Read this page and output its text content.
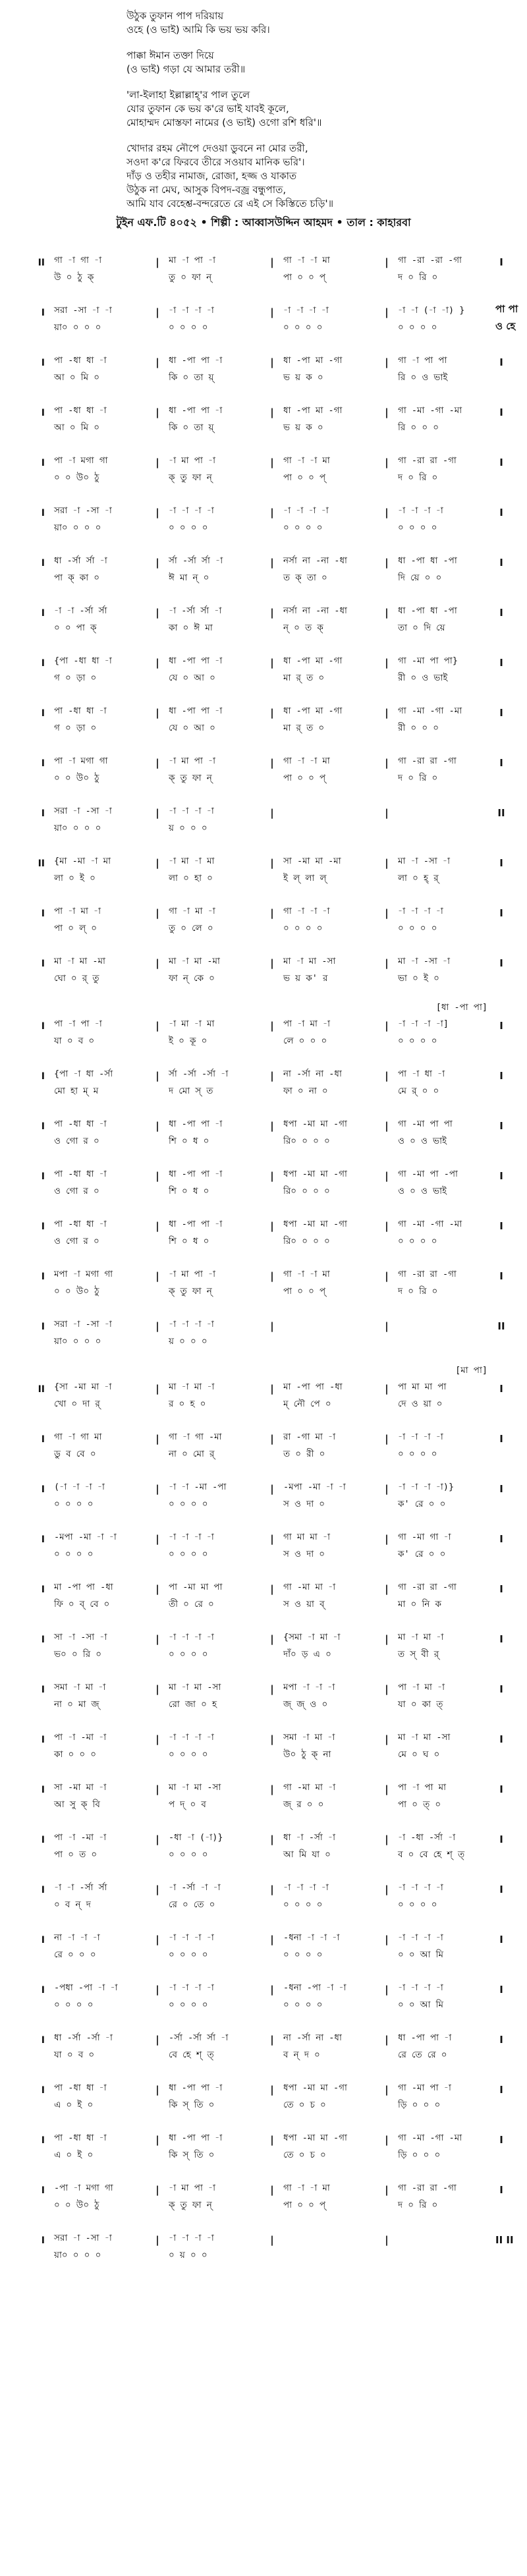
উঠুক তুফান পাপ দরিয়ায়
ওহে (ও ভাই) আমি কি ভয় ভয় করি।
পাক্কা ঈমান তক্তা দিয়ে
(ও ভাই) গড়া যে আমার তরী॥
'লা-ইলাহা ইল্লাল্লাহ্'র পাল তুলে
যোর তুফান কে ভয় ক'রে ভাই যাবই কূলে,
মোহাম্মদ মোস্তফা নামের (ও ভাই) ওগো রশি ধরি'॥
খোদার রহম নৌপে দেওয়া ডুবনে না মোর তরী,
সওদা ক'রে ফিরবে তীরে সওয়াব মানিক ভরি'।
দাঁড় ও তহীর নামাজ, রোজা, হজ্জ ও যাকাত
উঠুক না মেঘ, আসুক বিপদ-বজ্র বন্ধুপাত,
আমি যাব বেহেশ্ত-বন্দরেতে রে এই সে কিস্তিতে চড়ি'॥
টুইন এফ.টি ৪০৫২ • শিল্পী : আব্বাসউদ্দিন আহমদ • তাল : কাহারবা
II	গা -া গা -া	|	মা -া পা -া	|	গা -া -া মা	|	গা -রা -রা -গা	I
উ ০ ঠু ক্	তু ০ ফা ন্	পা ০ ০ প্	দ ০ রি ০
I	সরা -সা -া -া	|	-া -া -া -া	|	-া -া -া -া	|	-া -া (-া -া) }	পা পা
য়া০ ০ ০ ০	০ ০ ০ ০	০ ০ ০ ০	০ ০ ০ ০	ও হে
I	পা -ধা ধা -া	|	ধা -পা পা -া	|	ধা -পা মা -গা	|	গা -া পা পা	I
আ ০ মি ০	কি ০ তা য়্	ভ য় ক ০	রি ০ ও ভাই
I	পা -ধা ধা -া	|	ধা -পা পা -া	|	ধা -পা মা -গা	|	গা -মা -গা -মা	I
আ ০ মি ০	কি ০ তা য়্	ভ য় ক ০	রি ০ ০ ০
I	পা -া মগা গা	|	-া মা পা -া	|	গা -া -া মা	|	গা -রা রা -গা	I
০ ০ উ০ ঠু	ক্ তু ফা ন্	পা ০ ০ প্	দ ০ রি ০
I	সরা -া -সা -া	|	-া -া -া -া	|	-া -া -া -া	|	-া -া -া -া	I
য়া০ ০ ০ ০	০ ০ ০ ০	০ ০ ০ ০	০ ০ ০ ০
I	ধা -র্সা র্সা -া	|	র্সা -র্সা র্সা -া	|	নর্সা না -না -ধা	|	ধা -পা ধা -পা	I
পা ক্ কা ০	ঈ মা ন্ ০	ত ক্ তা ০	দি য়ে ০ ০
I	-া -া -র্সা র্সা	|	-া -র্সা র্সা -া	|	নর্সা না -না -ধা	|	ধা -পা ধা -পা	I
০ ০ পা ক্	কা ০ ঈ মা	ন্ ০ ত ক্	তা ০ দি য়ে
I	{পা -ধা ধা -া	|	ধা -পা পা -া	|	ধা -পা মা -গা	|	গা -মা পা পা}	I
গ ০ ড়া ০	যে ০ আ ০	মা র্ ত ০	রী ০ ও ভাই
I	পা -ধা ধা -া	|	ধা -পা পা -া	|	ধা -পা মা -গা	|	গা -মা -গা -মা	I
গ ০ ড়া ০	যে ০ আ ০	মা র্ ত ০	রী ০ ০ ০
I	পা -া মগা গা	|	-া মা পা -া	|	গা -া -া মা	|	গা -রা রা -গা	I
০ ০ উ০ ঠু	ক্ তু ফা ন্	পা ০ ০ প্	দ ০ রি ০
I	সরা -া -সা -া	|	-া -া -া -া	|	|	II
য়া০ ০ ০ ০	য় ০ ০ ০
II	{মা -মা -া মা	|	-া মা -া মা	|	সা -মা মা -মা	|	মা -া -সা -া	I
লা ০ ই ০	লা ০ হা ০	ই ল্ লা ল্	লা ০ হ্ র্
I	পা -া মা -া	|	গা -া মা -া	|	গা -া -া -া	|	-া -া -া -া	I
পা ০ ল্ ০	তু ০ লে ০	০ ০ ০ ০	০ ০ ০ ০
I	মা -া মা -মা	|	মা -া মা -মা	|	মা -া মা -সা	|	মা -া -সা -া	I
ঘো ০ র্ তু	ফা ন্ কে ০	ভ য় ক' র	ভা ০ ই ০
[ধা -পা পা]
I	পা -া পা -া	|	-া মা -া মা	|	পা -া মা -া	|	-া -া -া -া]	I
যা ০ ব ০	ই ০ কূ ০	লে ০ ০ ০	০ ০ ০ ০
I	{পা -া ধা -র্সা	|	র্সা -র্সা -র্সা -া	|	না -র্সা না -ধা	|	পা -া ধা -া	I
মো হা ম্ ম	দ মো স্ ত	ফা ০ না ০	মে র্ ০ ০
I	পা -ধা ধা -া	|	ধা -পা পা -া	|	ধপা -মা মা -গা	|	গা -মা পা পা	I
ও গো র ০	শি ০ ধ ০	রি০ ০ ০ ০	ও ০ ও ভাই
I	পা -ধা ধা -া	|	ধা -পা পা -া	|	ধপা -মা মা -গা	|	গা -মা পা -পা	I
ও গো র ০	শি ০ ধ ০	রি০ ০ ০ ০	ও ০ ও ভাই
I	পা -ধা ধা -া	|	ধা -পা পা -া	|	ধপা -মা মা -গা	|	গা -মা -গা -মা	I
ও গো র ০	শি ০ ধ ০	রি০ ০ ০ ০	০ ০ ০ ০
I	মপা -া মগা গা	|	-া মা পা -া	|	গা -া -া মা	|	গা -রা রা -গা	I
০ ০ উ০ ঠু	ক্ তু ফা ন্	পা ০ ০ প্	দ ০ রি ০
I	সরা -া -সা -া	|	-া -া -া -া	|	|	II
য়া০ ০ ০ ০	য় ০ ০ ০
[মা পা]
II	{সা -মা মা -া	|	মা -া মা -া	|	মা -পা পা -ধা	|	পা মা মা পা	I
খো ০ দা র্	র ০ হ ০	ম্ নৌ পে ০	দে ও য়া ০
I	গা -া গা মা	|	গা -া গা -মা	|	রা -গা মা -া	|	-া -া -া -া	I
ডু ব বে ০	না ০ মো র্	ত ০ রী ০	০ ০ ০ ০
I	(-া -া -া -া	|	-া -া -মা -পা	|	-মপা -মা -া -া	|	-া -া -া -া)}	I
০ ০ ০ ০	০ ০ ০ ০	স ও দা ০	ক' রে ০ ০
I	-মপা -মা -া -া	|	-া -া -া -া	|	গা মা মা -া	|	গা -মা গা -া	I
০ ০ ০ ০	০ ০ ০ ০	স ও দা ০	ক' রে ০ ০
I	মা -পা পা -ধা	|	পা -মা মা পা	|	গা -মা মা -া	|	গা -রা রা -গা	I
ফি ০ ব্ বে ০	তী ০ রে ০	স ও য়া ব্	মা ০ নি ক
I	সা -া -সা -া	|	-া -া -া -া	|	{সমা -া মা -া	|	মা -া মা -া	I
ভ০ ০ রি ০	০ ০ ০ ০	দাঁ০ ড় এ ০	ত স্ বী র্
I	সমা -া মা -া	|	মা -া মা -সা	|	মপা -া -া -া	|	পা -া মা -া	I
না ০ মা জ্	রো জা ০ হ	জ্ জ্ ও ০	যা ০ কা ত্
I	পা -া -মা -া	|	-া -া -া -া	|	সমা -া মা -া	|	মা -া মা -সা	I
কা ০ ০ ০	০ ০ ০ ০	উ০ ঠু ক্ না	মে ০ ঘ ০
I	সা -মা মা -া	|	মা -া মা -সা	|	গা -মা মা -া	|	পা -া পা মা	I
আ সু ক্ বি	প দ্ ০ ব	জ্ র ০ ০	পা ০ ত্ ০
I	পা -া -মা -া	|	-ধা -া (-া)}	|	ধা -া -র্সা -া	|	-া -ধা -র্সা -া	I
পা ০ ত ০	০ ০ ০ ০	আ মি যা ০	ব ০ বে হে শ্ ত্
I	-া -া -র্সা র্সা	|	-া -র্সা -া -া	|	-া -া -া -া	|	-া -া -া -া	I
০ ব ন্ দ	রে ০ তে ০	০ ০ ০ ০	০ ০ ০ ০
I	না -া -া -া	|	-া -া -া -া	|	-ধনা -া -া -া	|	-া -া -া -া	I
রে ০ ০ ০	০ ০ ০ ০	০ ০ ০ ০	০ ০ আ মি
I	-পধা -পা -া -া	|	-া -া -া -া	|	-ধনা -পা -া -া	|	-া -া -া -া	I
০ ০ ০ ০	০ ০ ০ ০	০ ০ ০ ০	০ ০ আ মি
I	ধা -র্সা -র্সা -া	|	-র্সা -র্সা র্সা -া	|	না -র্সা না -ধা	|	ধা -পা পা -া	I
যা ০ ব ০	বে হে শ্ ত্	ব ন্ দ ০	রে তে রে ০
I	পা -ধা ধা -া	|	ধা -পা পা -া	|	ধপা -মা মা -গা	|	গা -মা পা -া	I
এ ০ ই ০	কি স্ তি ০	তে ০ চ ০	ড়ি ০ ০ ০
I	পা -ধা ধা -া	|	ধা -পা পা -া	|	ধপা -মা মা -গা	|	গা -মা -গা -মা	I
এ ০ ই ০	কি স্ তি ০	তে ০ চ ০	ড়ি ০ ০ ০
I	-পা -া মগা গা	|	-া মা পা -া	|	গা -া -া মা	|	গা -রা রা -গা	I
০ ০ উ০ ঠু	ক্ তু ফা ন্	পা ০ ০ প্	দ ০ রি ০
I	সরা -া -সা -া	|	-া -া -া -া	|	|	II II
য়া০ ০ ০ ০	০ য় ০ ০
